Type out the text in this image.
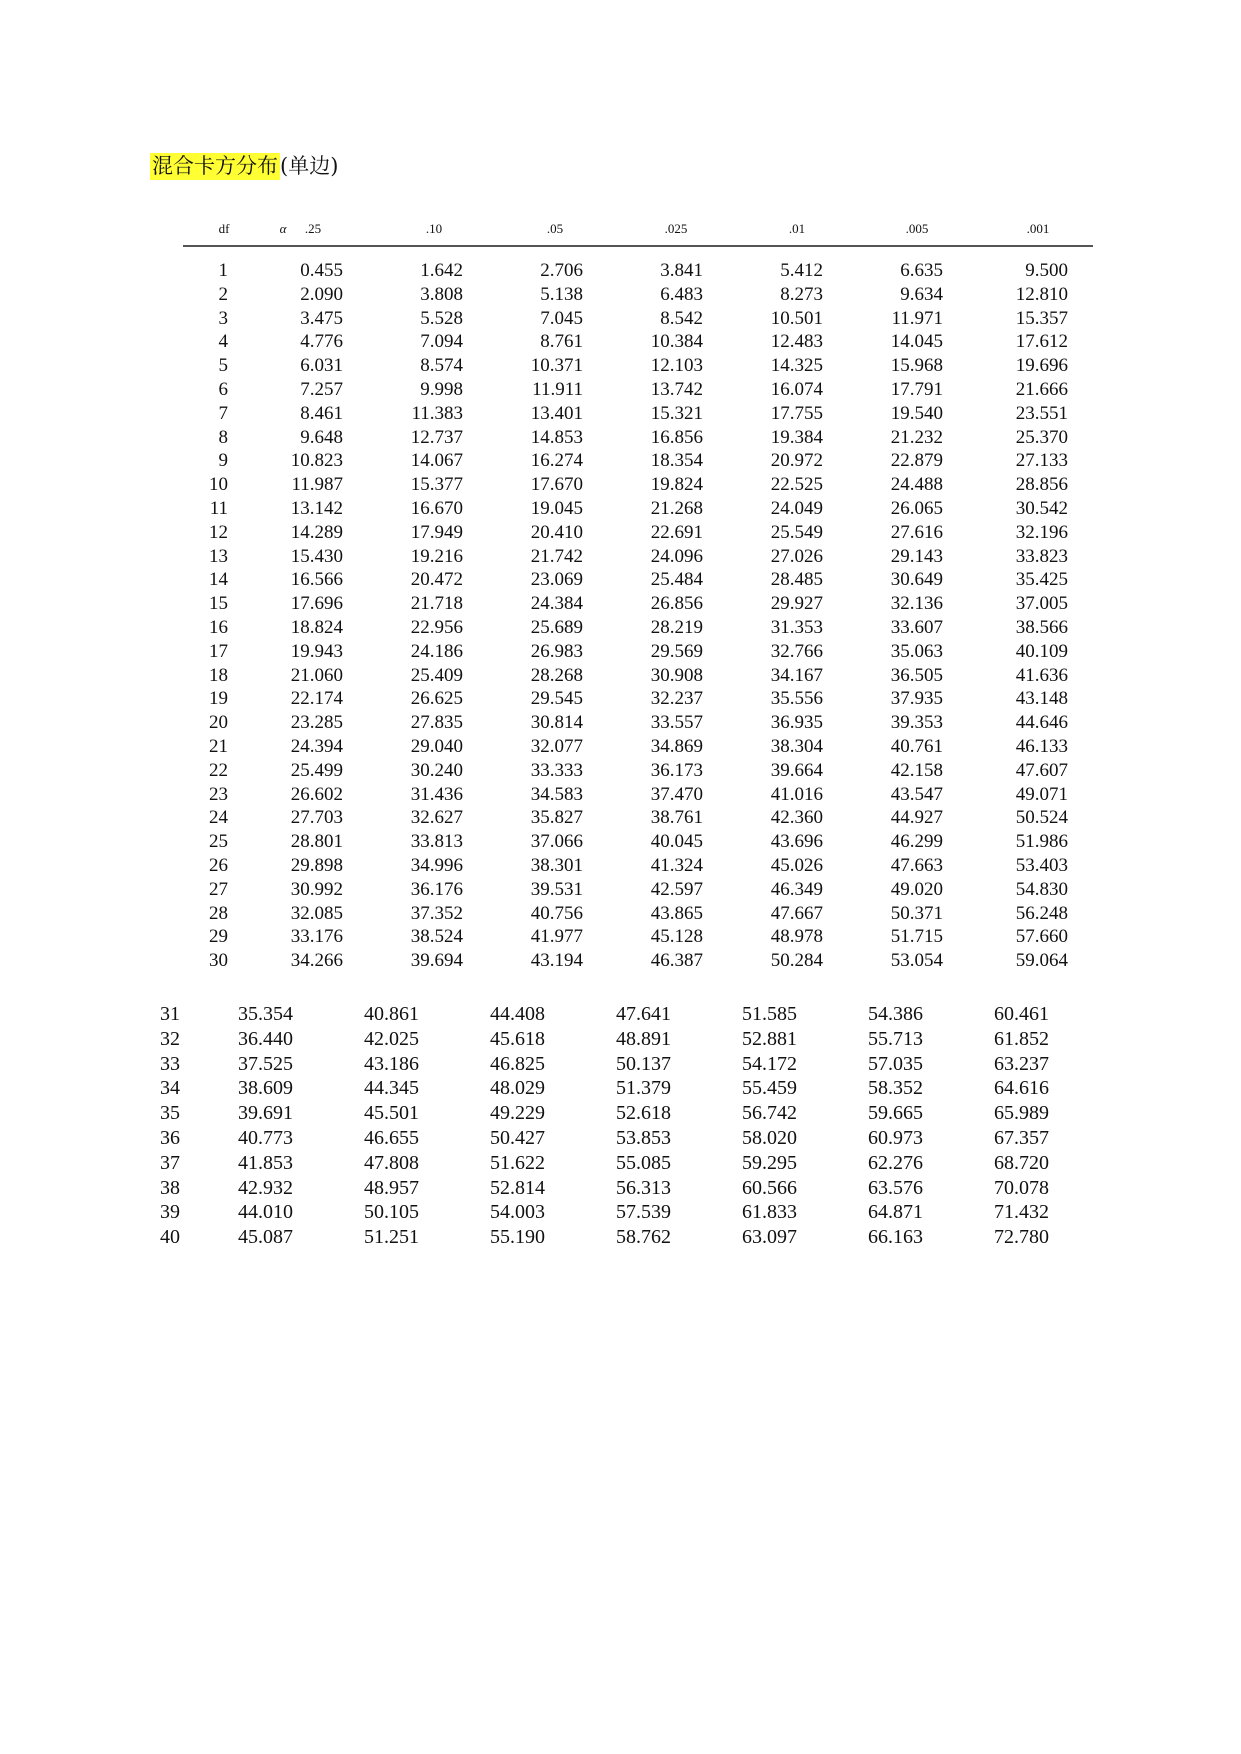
混合卡方分布(单边)
df	α	.25	.10	.05	.025	.01	.005	.001
1	0.455	1.642	2.706	3.841	5.412	6.635	9.500
2	2.090	3.808	5.138	6.483	8.273	9.634	12.810
3	3.475	5.528	7.045	8.542	10.501	11.971	15.357
4	4.776	7.094	8.761	10.384	12.483	14.045	17.612
5	6.031	8.574	10.371	12.103	14.325	15.968	19.696
6	7.257	9.998	11.911	13.742	16.074	17.791	21.666
7	8.461	11.383	13.401	15.321	17.755	19.540	23.551
8	9.648	12.737	14.853	16.856	19.384	21.232	25.370
9	10.823	14.067	16.274	18.354	20.972	22.879	27.133
10	11.987	15.377	17.670	19.824	22.525	24.488	28.856
11	13.142	16.670	19.045	21.268	24.049	26.065	30.542
12	14.289	17.949	20.410	22.691	25.549	27.616	32.196
13	15.430	19.216	21.742	24.096	27.026	29.143	33.823
14	16.566	20.472	23.069	25.484	28.485	30.649	35.425
15	17.696	21.718	24.384	26.856	29.927	32.136	37.005
16	18.824	22.956	25.689	28.219	31.353	33.607	38.566
17	19.943	24.186	26.983	29.569	32.766	35.063	40.109
18	21.060	25.409	28.268	30.908	34.167	36.505	41.636
19	22.174	26.625	29.545	32.237	35.556	37.935	43.148
20	23.285	27.835	30.814	33.557	36.935	39.353	44.646
21	24.394	29.040	32.077	34.869	38.304	40.761	46.133
22	25.499	30.240	33.333	36.173	39.664	42.158	47.607
23	26.602	31.436	34.583	37.470	41.016	43.547	49.071
24	27.703	32.627	35.827	38.761	42.360	44.927	50.524
25	28.801	33.813	37.066	40.045	43.696	46.299	51.986
26	29.898	34.996	38.301	41.324	45.026	47.663	53.403
27	30.992	36.176	39.531	42.597	46.349	49.020	54.830
28	32.085	37.352	40.756	43.865	47.667	50.371	56.248
29	33.176	38.524	41.977	45.128	48.978	51.715	57.660
30	34.266	39.694	43.194	46.387	50.284	53.054	59.064
31	35.354	40.861	44.408	47.641	51.585	54.386	60.461
32	36.440	42.025	45.618	48.891	52.881	55.713	61.852
33	37.525	43.186	46.825	50.137	54.172	57.035	63.237
34	38.609	44.345	48.029	51.379	55.459	58.352	64.616
35	39.691	45.501	49.229	52.618	56.742	59.665	65.989
36	40.773	46.655	50.427	53.853	58.020	60.973	67.357
37	41.853	47.808	51.622	55.085	59.295	62.276	68.720
38	42.932	48.957	52.814	56.313	60.566	63.576	70.078
39	44.010	50.105	54.003	57.539	61.833	64.871	71.432
40	45.087	51.251	55.190	58.762	63.097	66.163	72.780
